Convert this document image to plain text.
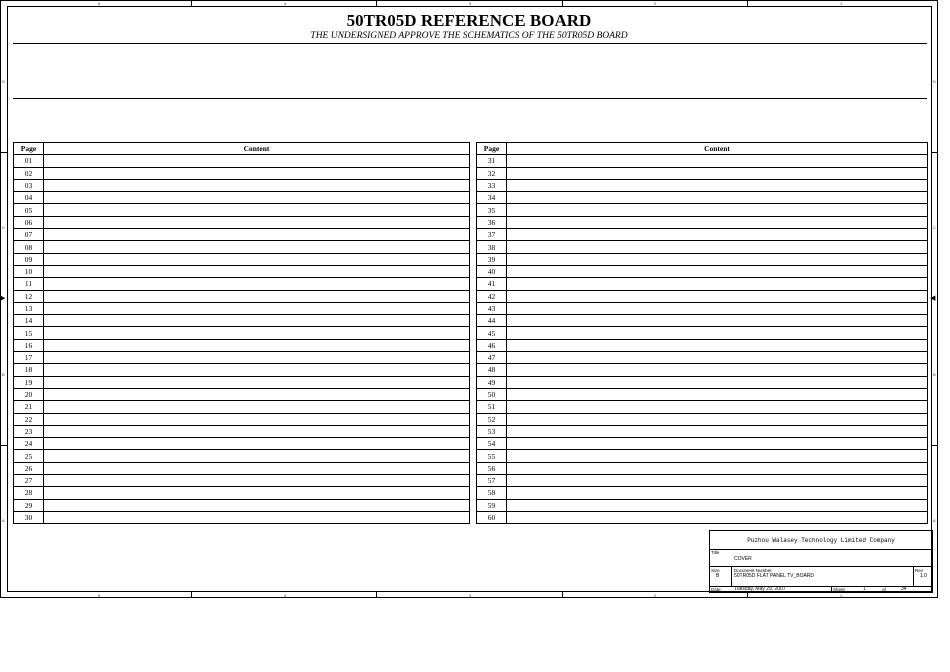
5	4	3	2	1
5	4	3	2	1
D
C
B
A
D
C
B
A
▶	◀
50TR05D REFERENCE BOARD
THE UNDERSIGNED APPROVE THE SCHEMATICS OF THE 50TR05D BOARD
Page	Content
01	
02	
03	
04	
05	
06	
07	
08	
09	
10	
11	
12	
13	
14	
15	
16	
17	
18	
19	
20	
21	
22	
23	
24	
25	
26	
27	
28	
29	
30	
Page	Content
31	
32	
33	
34	
35	
36	
37	
38	
39	
40	
41	
42	
43	
44	
45	
46	
47	
48	
49	
50	
51	
52	
53	
54	
55	
56	
57	
58	
59	
60	
Puzhou Walasey Technology Limited Company
Title
COVER
Size
B
Document Number
50TR05D FLAT PANEL TV_BOARD
Rev
1.0
Date: Tuesday, May 29, 2007	Sheet	1	of	34
